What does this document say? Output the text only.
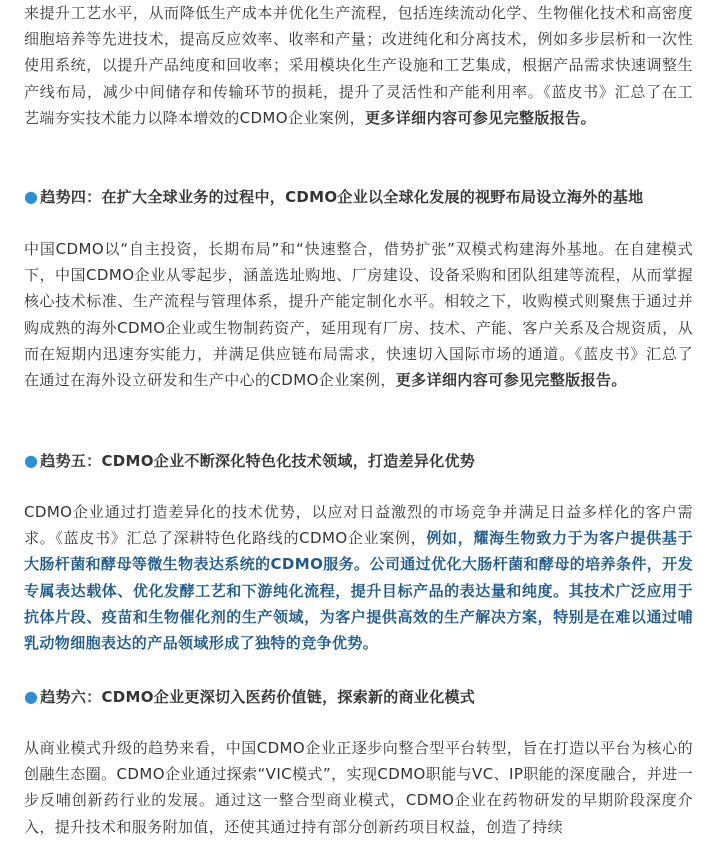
来提升工艺水平，从而降低生产成本并优化生产流程，包括连续流动化学、生物催化技术和高密度细胞培养等先进技术，提高反应效率、收率和产量；改进纯化和分离技术，例如多步层析和一次性使用系统，以提升产品纯度和回收率；采用模块化生产设施和工艺集成，根据产品需求快速调整生产线布局，减少中间储存和传输环节的损耗，提升了灵活性和产能利用率。《蓝皮书》汇总了在工艺端夯实技术能力以降本增效的CDMO企业案例，更多详细内容可参见完整版报告。

● 趋势四：在扩大全球业务的过程中，CDMO企业以全球化发展的视野布局设立海外的基地

中国CDMO以“自主投资，长期布局”和“快速整合，借势扩张”双模式构建海外基地。在自建模式下，中国CDMO企业从零起步，涵盖选址购地、厂房建设、设备采购和团队组建等流程，从而掌握核心技术标准、生产流程与管理体系，提升产能定制化水平。相较之下，收购模式则聚焦于通过并购成熟的海外CDMO企业或生物制药资产，延用现有厂房、技术、产能、客户关系及合规资质，从而在短期内迅速夯实能力，并满足供应链布局需求，快速切入国际市场的通道。《蓝皮书》汇总了在通过在海外设立研发和生产中心的CDMO企业案例，更多详细内容可参见完整版报告。

● 趋势五：CDMO企业不断深化特色化技术领域，打造差异化优势

CDMO企业通过打造差异化的技术优势，以应对日益激烈的市场竞争并满足日益多样化的客户需求。《蓝皮书》汇总了深耕特色化路线的CDMO企业案例，例如，耀海生物致力于为客户提供基于大肠杆菌和酵母等微生物表达系统的CDMO服务。公司通过优化大肠杆菌和酵母的培养条件，开发专属表达载体、优化发酵工艺和下游纯化流程，提升目标产品的表达量和纯度。其技术广泛应用于抗体片段、疫苗和生物催化剂的生产领域，为客户提供高效的生产解决方案，特别是在难以通过哺乳动物细胞表达的产品领域形成了独特的竞争优势。

● 趋势六：CDMO企业更深切入医药价值链，探索新的商业化模式

从商业模式升级的趋势来看，中国CDMO企业正逐步向整合型平台转型，旨在打造以平台为核心的创融生态圈。CDMO企业通过探索“VIC模式”，实现CDMO职能与VC、IP职能的深度融合，并进一步反哺创新药行业的发展。通过这一整合型商业模式，CDMO企业在药物研发的早期阶段深度介入，提升技术和服务附加值，还使其通过持有部分创新药项目权益，创造了持续
